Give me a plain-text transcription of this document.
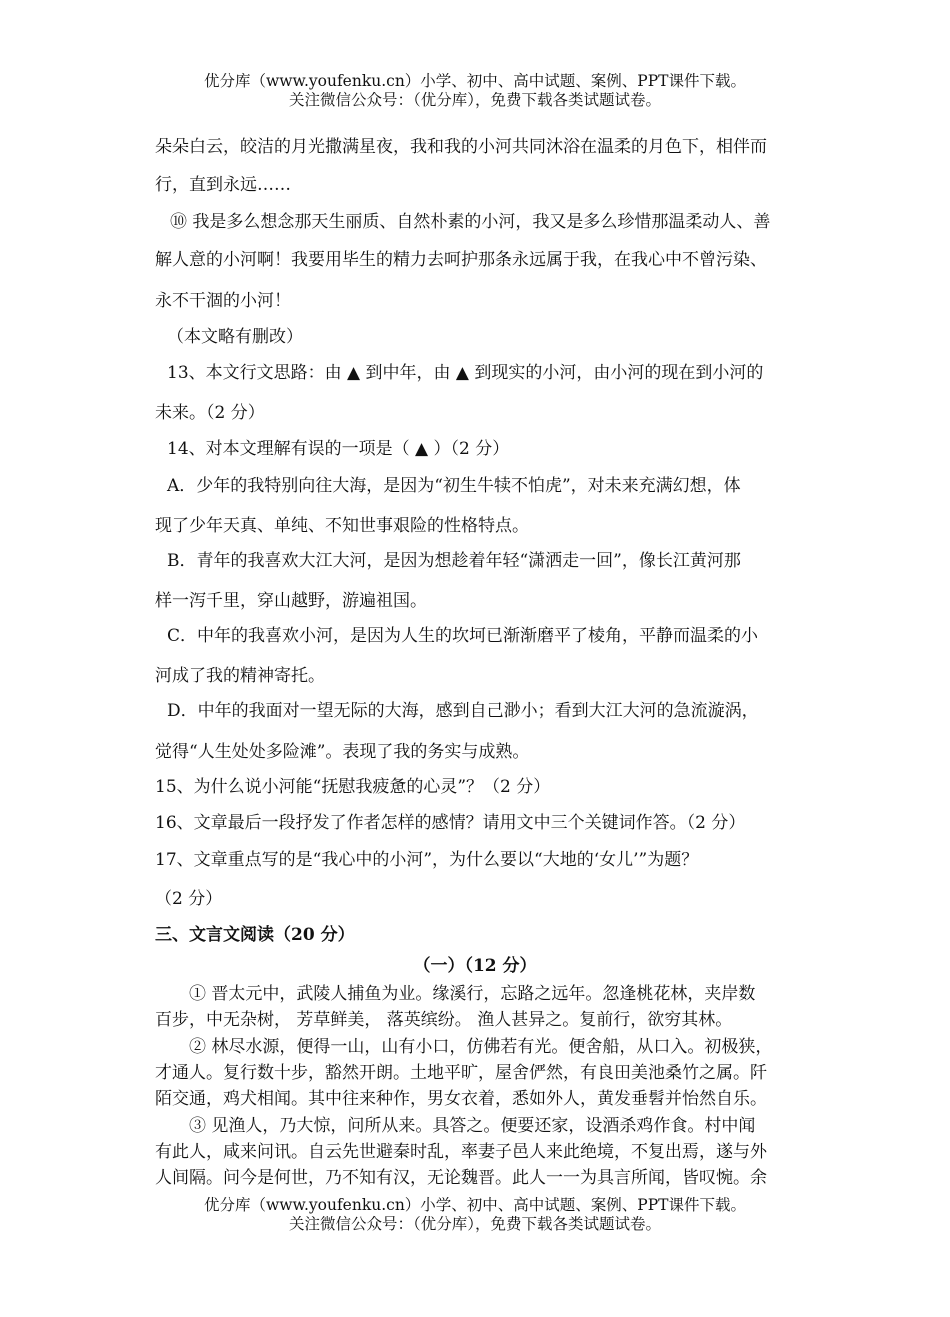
优分库（www.youfenku.cn）小学、初中、高中试题、案例、PPT课件下载。
关注微信公众号：（优分库），免费下载各类试题试卷。
朵朵白云，皎洁的月光撒满星夜，我和我的小河共同沐浴在温柔的月色下，相伴而
行，直到永远……
⑩ 我是多么想念那天生丽质、自然朴素的小河，我又是多么珍惜那温柔动人、善
解人意的小河啊！我要用毕生的精力去呵护那条永远属于我，在我心中不曾污染、
永不干涸的小河！
（本文略有删改）
13、本文行文思路：由 ▲ 到中年，由 ▲ 到现实的小河，由小河的现在到小河的
未来。（2 分）
14、对本文理解有误的一项是（ ▲ ）（2 分）
A．少年的我特别向往大海，是因为“初生牛犊不怕虎”，对未来充满幻想，体
现了少年天真、单纯、不知世事艰险的性格特点。
B．青年的我喜欢大江大河，是因为想趁着年轻“潇洒走一回”，像长江黄河那
样一泻千里，穿山越野，游遍祖国。
C．中年的我喜欢小河，是因为人生的坎坷已渐渐磨平了棱角，平静而温柔的小
河成了我的精神寄托。
D．中年的我面对一望无际的大海，感到自己渺小；看到大江大河的急流漩涡，
觉得“人生处处多险滩”。表现了我的务实与成熟。
15、为什么说小河能“抚慰我疲惫的心灵”？（2 分）
16、文章最后一段抒发了作者怎样的感情？请用文中三个关键词作答。（2 分）
17、文章重点写的是“我心中的小河”，为什么要以“大地的‘女儿’”为题？
（2 分）
三、文言文阅读（20 分）
（一）（12 分）
① 晋太元中，武陵人捕鱼为业。缘溪行，忘路之远年。忽逢桃花林，夹岸数
百步，中无杂树， 芳草鲜美， 落英缤纷。 渔人甚异之。复前行，欲穷其林。
② 林尽水源，便得一山，山有小口，仿佛若有光。便舍船，从口入。初极狭，
才通人。复行数十步，豁然开朗。土地平旷，屋舍俨然，有良田美池桑竹之属。阡
陌交通，鸡犬相闻。其中往来种作，男女衣着，悉如外人，黄发垂髫并怡然自乐。
③ 见渔人，乃大惊，问所从来。具答之。便要还家，设酒杀鸡作食。村中闻
有此人，咸来问讯。自云先世避秦时乱，率妻子邑人来此绝境，不复出焉，遂与外
人间隔。问今是何世，乃不知有汉，无论魏晋。此人一一为具言所闻，皆叹惋。余
优分库（www.youfenku.cn）小学、初中、高中试题、案例、PPT课件下载。
关注微信公众号：（优分库），免费下载各类试题试卷。
